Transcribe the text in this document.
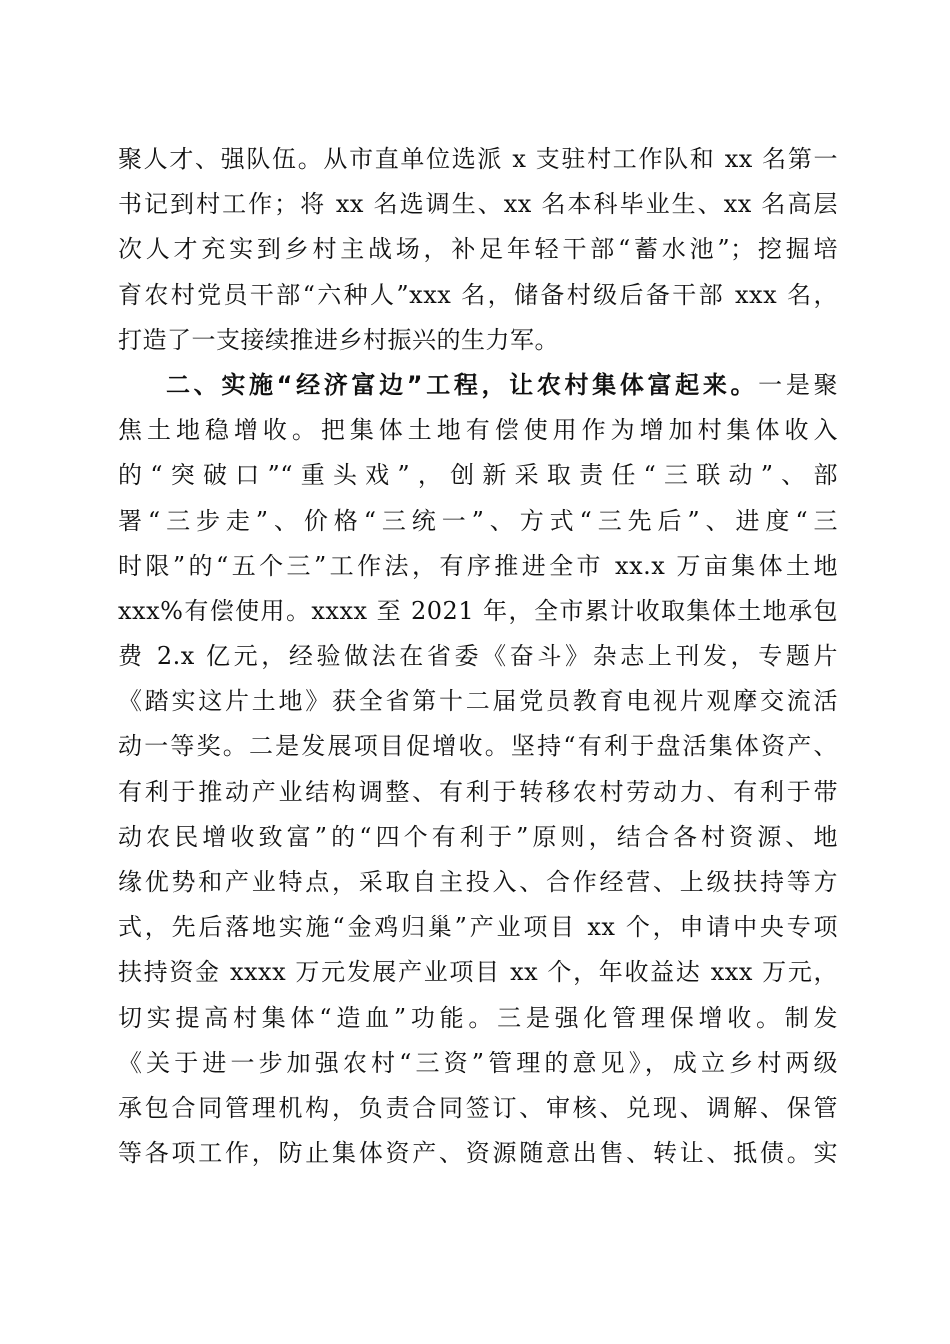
聚人才、强队伍。从市直单位选派 x 支驻村工作队和 xx 名第一
书记到村工作；将 xx 名选调生、xx 名本科毕业生、xx 名高层
次人才充实到乡村主战场，补足年轻干部“蓄水池”；挖掘培
育农村党员干部“六种人”xxx 名，储备村级后备干部 xxx 名，
打造了一支接续推进乡村振兴的生力军。
二、实施“经济富边”工程，让农村集体富起来。一是聚
焦土地稳增收。把集体土地有偿使用作为增加村集体收入
的“突破口”“重头戏”，创新采取责任“三联动”、部
署“三步走”、价格“三统一”、方式“三先后”、进度“三
时限”的“五个三”工作法，有序推进全市 xx.x 万亩集体土地
xxx%有偿使用。xxxx 至 2021 年，全市累计收取集体土地承包
费 2.x 亿元，经验做法在省委《奋斗》杂志上刊发，专题片
《踏实这片土地》获全省第十二届党员教育电视片观摩交流活
动一等奖。二是发展项目促增收。坚持“有利于盘活集体资产、
有利于推动产业结构调整、有利于转移农村劳动力、有利于带
动农民增收致富”的“四个有利于”原则，结合各村资源、地
缘优势和产业特点，采取自主投入、合作经营、上级扶持等方
式，先后落地实施“金鸡归巢”产业项目 xx 个，申请中央专项
扶持资金 xxxx 万元发展产业项目 xx 个，年收益达 xxx 万元，
切实提高村集体“造血”功能。三是强化管理保增收。制发
《关于进一步加强农村“三资”管理的意见》，成立乡村两级
承包合同管理机构，负责合同签订、审核、兑现、调解、保管
等各项工作，防止集体资产、资源随意出售、转让、抵债。实
